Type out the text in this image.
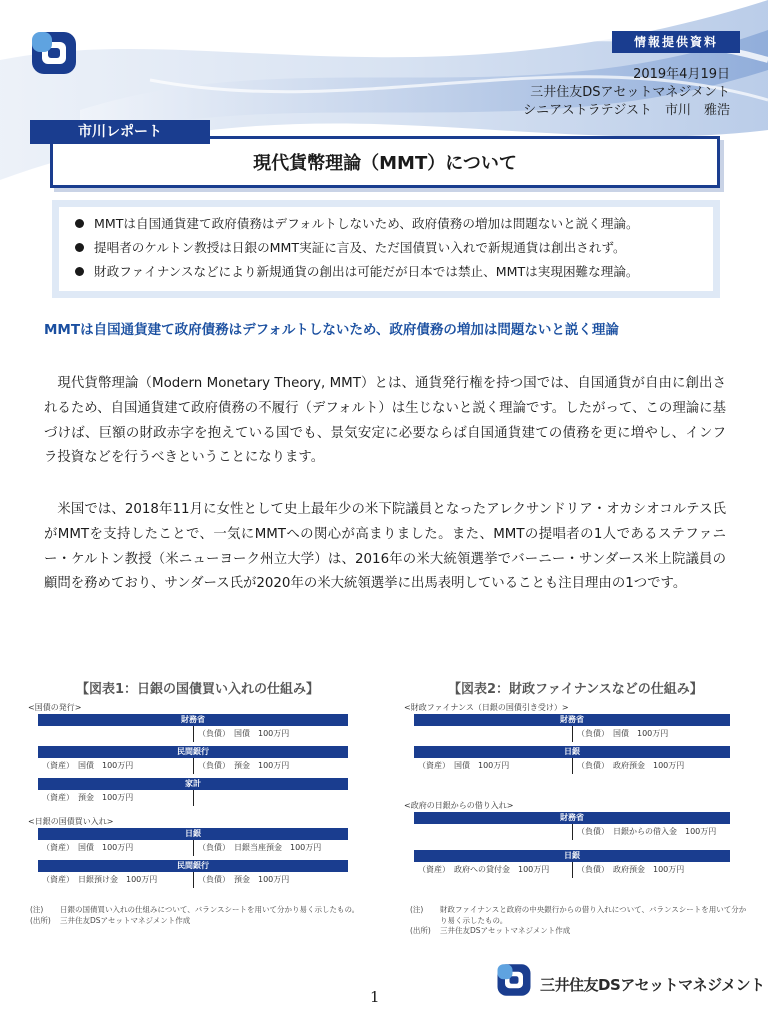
情報提供資料
2019年4月19日
三井住友DSアセットマネジメント
シニアストラテジスト　市川　雅浩
市川レポート
現代貨幣理論（MMT）について
MMTは自国通貨建て政府債務はデフォルトしないため、政府債務の増加は問題ないと説く理論。
提唱者のケルトン教授は日銀のMMT実証に言及、ただ国債買い入れで新規通貨は創出されず。
財政ファイナンスなどにより新規通貨の創出は可能だが日本では禁止、MMTは実現困難な理論。
MMTは自国通貨建て政府債務はデフォルトしないため、政府債務の増加は問題ないと説く理論

現代貨幣理論（Modern Monetary Theory, MMT）とは、通貨発行権を持つ国では、自国通貨が自由に創出されるため、自国通貨建て政府債務の不履行（デフォルト）は生じないと説く理論です。したがって、この理論に基づけば、巨額の財政赤字を抱えている国でも、景気安定に必要ならば自国通貨建ての債務を更に増やし、インフラ投資などを行うべきということになります。

米国では、2018年11月に女性として史上最年少の米下院議員となったアレクサンドリア・オカシオコルテス氏がMMTを支持したことで、一気にMMTへの関心が高まりました。また、MMTの提唱者の1人であるステファニー・ケルトン教授（米ニューヨーク州立大学）は、2016年の米大統領選挙でバーニー・サンダース米上院議員の顧問を務めており、サンダース氏が2020年の米大統領選挙に出馬表明していることも注目理由の1つです。

【図表1：日銀の国債買い入れの仕組み】	【図表2：財政ファイナンスなどの仕組み】
<国債の発行>
財務省
（負債）　国債　100万円
民間銀行
（資産）　国債　100万円	（負債）　預金　100万円
家計
（資産）　預金　100万円
<日銀の国債買い入れ>
日銀
（資産）　国債　100万円	（負債）　日銀当座預金　100万円
民間銀行
（資産）　日銀預け金　100万円	（負債）　預金　100万円
<財政ファイナンス（日銀の国債引き受け）>
財務省
（負債）　国債　100万円
日銀
（資産）　国債　100万円	（負債）　政府預金　100万円
<政府の日銀からの借り入れ>
財務省
（負債）　日銀からの借入金　100万円
日銀
（資産）　政府への貸付金　100万円	（負債）　政府預金　100万円
(注)	日銀の国債買い入れの仕組みについて、バランスシートを用いて分かり易く示したもの。
(出所)	三井住友DSアセットマネジメント作成
(注)	財政ファイナンスと政府の中央銀行からの借り入れについて、バランスシートを用いて分かり易く示したもの。
(出所)	三井住友DSアセットマネジメント作成
1
三井住友DSアセットマネジメント
